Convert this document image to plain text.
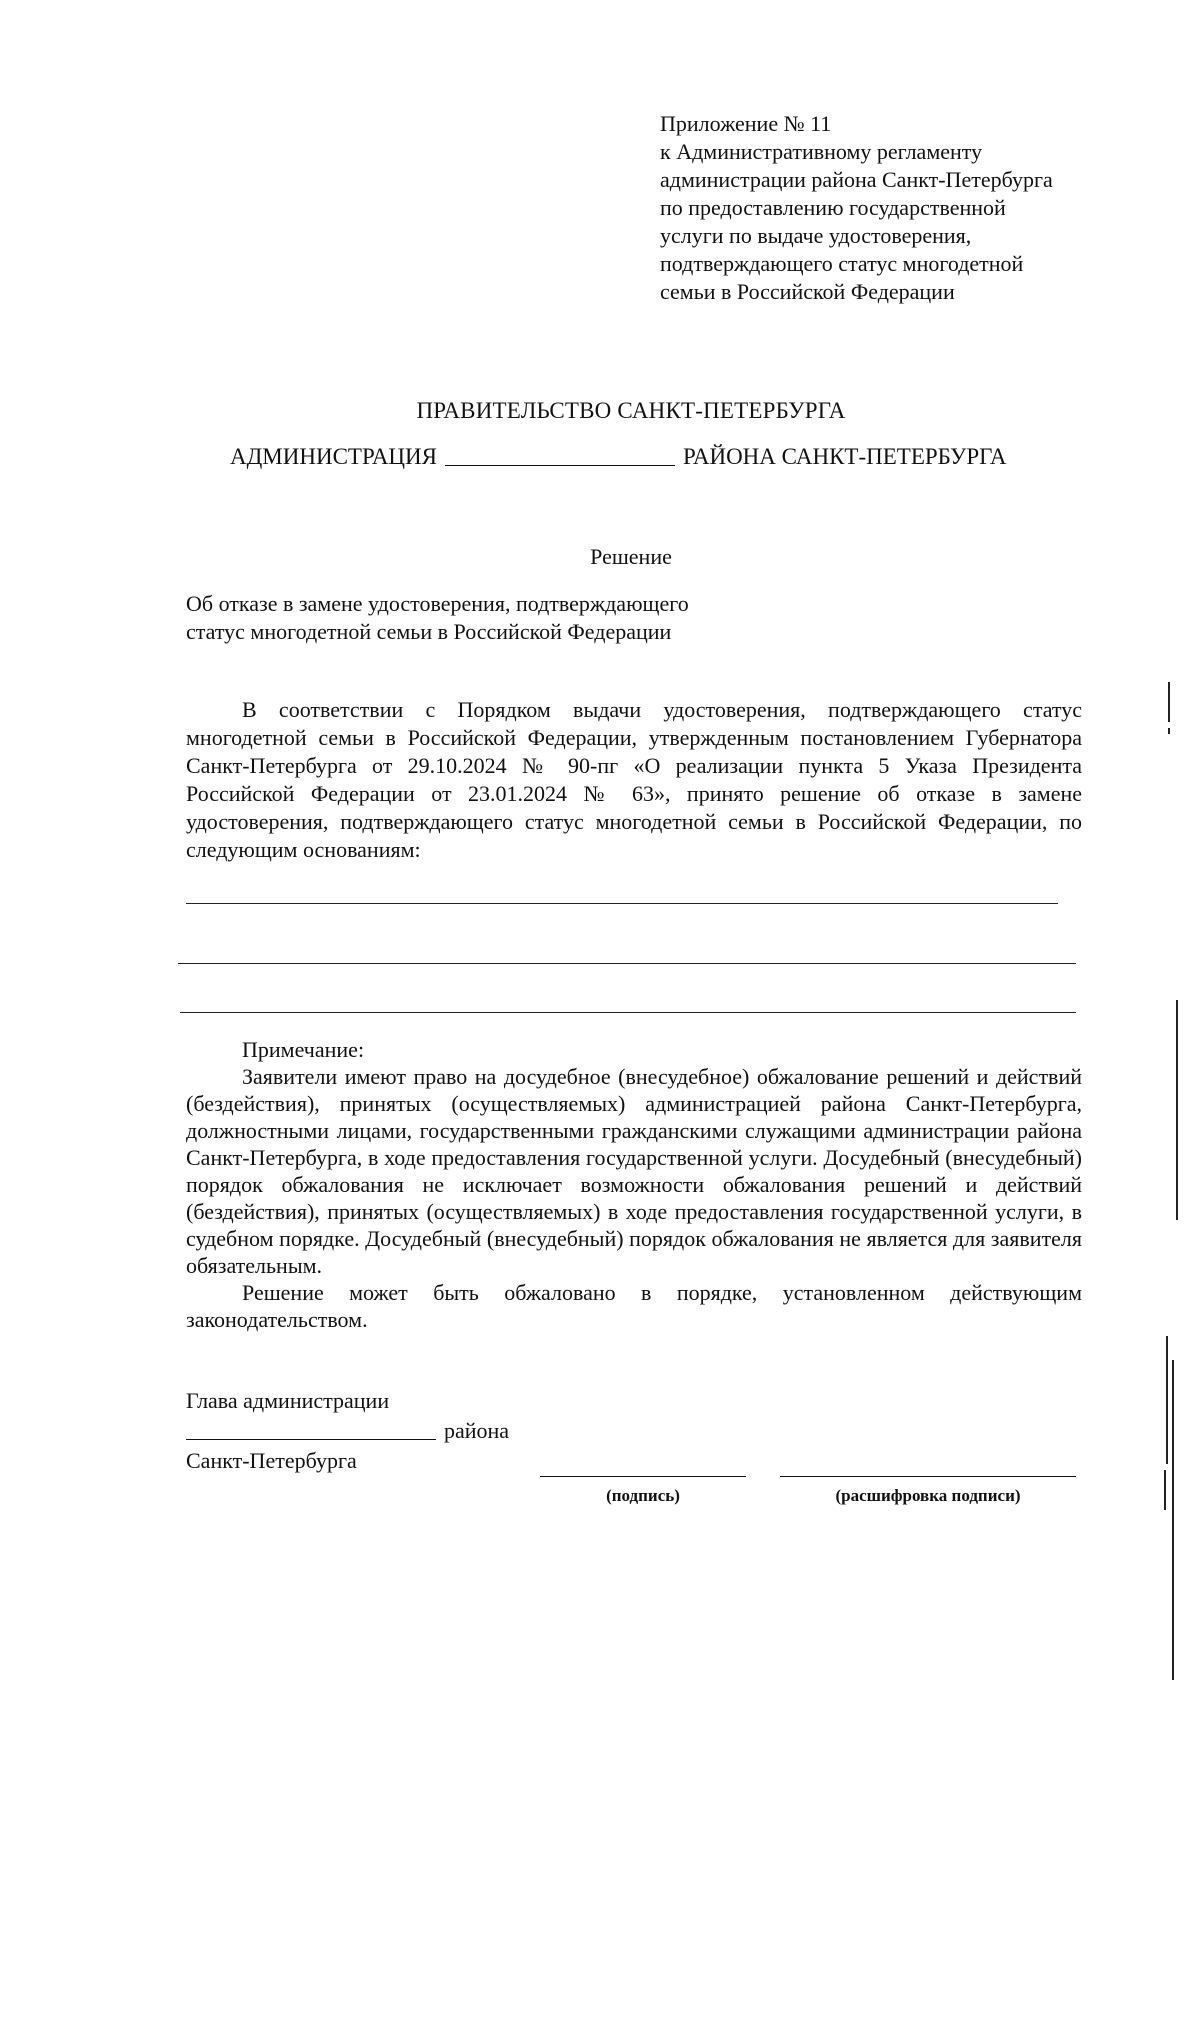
Приложение № 11
к Административному регламенту
администрации района Санкт-Петербурга
по предоставлению государственной
услуги по выдаче удостоверения,
подтверждающего статус многодетной
семьи в Российской Федерации
ПРАВИТЕЛЬСТВО САНКТ-ПЕТЕРБУРГА
АДМИНИСТРАЦИЯ	РАЙОНА САНКТ-ПЕТЕРБУРГА
Решение
Об отказе в замене удостоверения, подтверждающего
статус многодетной семьи в Российской Федерации
В соответствии с Порядком выдачи удостоверения, подтверждающего статус многодетной семьи в Российской Федерации, утвержденным постановлением Губернатора Санкт-Петербурга от 29.10.2024 № 90-пг «О реализации пункта 5 Указа Президента Российской Федерации от 23.01.2024 № 63», принято решение об отказе в замене удостоверения, подтверждающего статус многодетной семьи в Российской Федерации, по следующим основаниям:
Примечание:

Заявители имеют право на досудебное (внесудебное) обжалование решений и действий (бездействия), принятых (осуществляемых) администрацией района Санкт-Петербурга, должностными лицами, государственными гражданскими служащими администрации района Санкт-Петербурга, в ходе предоставления государственной услуги. Досудебный (внесудебный) порядок обжалования не исключает возможности обжалования решений и действий (бездействия), принятых (осуществляемых) в ходе предоставления государственной услуги, в судебном порядке. Досудебный (внесудебный) порядок обжалования не является для заявителя обязательным.

Решение может быть обжаловано в порядке, установленном действующим законодательством.

Глава администрации
района
Санкт-Петербурга
(подпись)	(расшифровка подписи)
